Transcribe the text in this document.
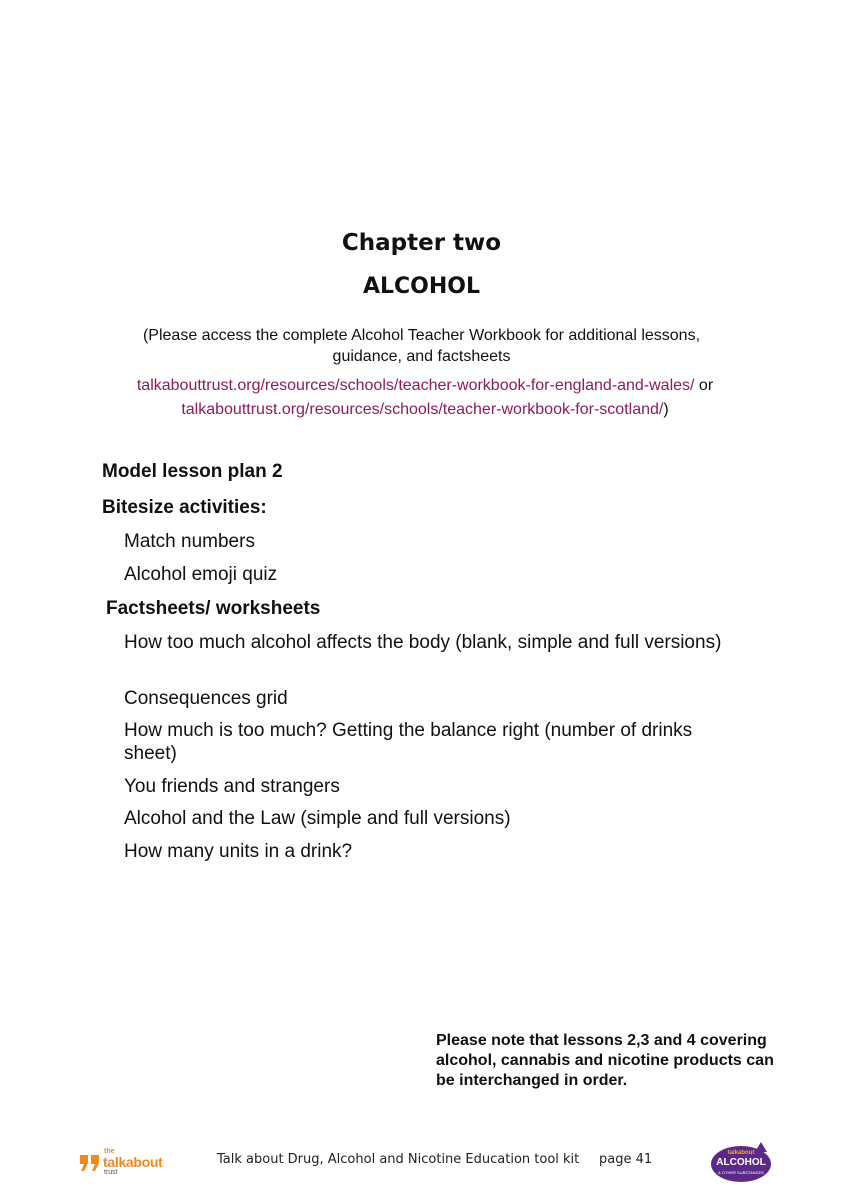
Chapter two
ALCOHOL
(Please access the complete Alcohol Teacher Workbook for additional lessons, guidance, and factsheets
talkabouttrust.org/resources/schools/teacher-workbook-for-england-and-wales/ or
talkabouttrust.org/resources/schools/teacher-workbook-for-scotland/)
Model lesson plan 2
Bitesize activities:
Match numbers
Alcohol emoji quiz
Factsheets/ worksheets
How too much alcohol affects the body (blank, simple and full versions)
Consequences grid
How much is too much? Getting the balance right (number of drinks sheet)
You friends and strangers
Alcohol and the Law (simple and full versions)
How many units in a drink?
Please note that lessons 2,3 and 4 covering alcohol, cannabis and nicotine products can be interchanged in order.
the
talkabout
trust
Talk about Drug, Alcohol and Nicotine Education tool kit page 41	talkabout
ALCOHOL
& OTHER SUBSTANCES
